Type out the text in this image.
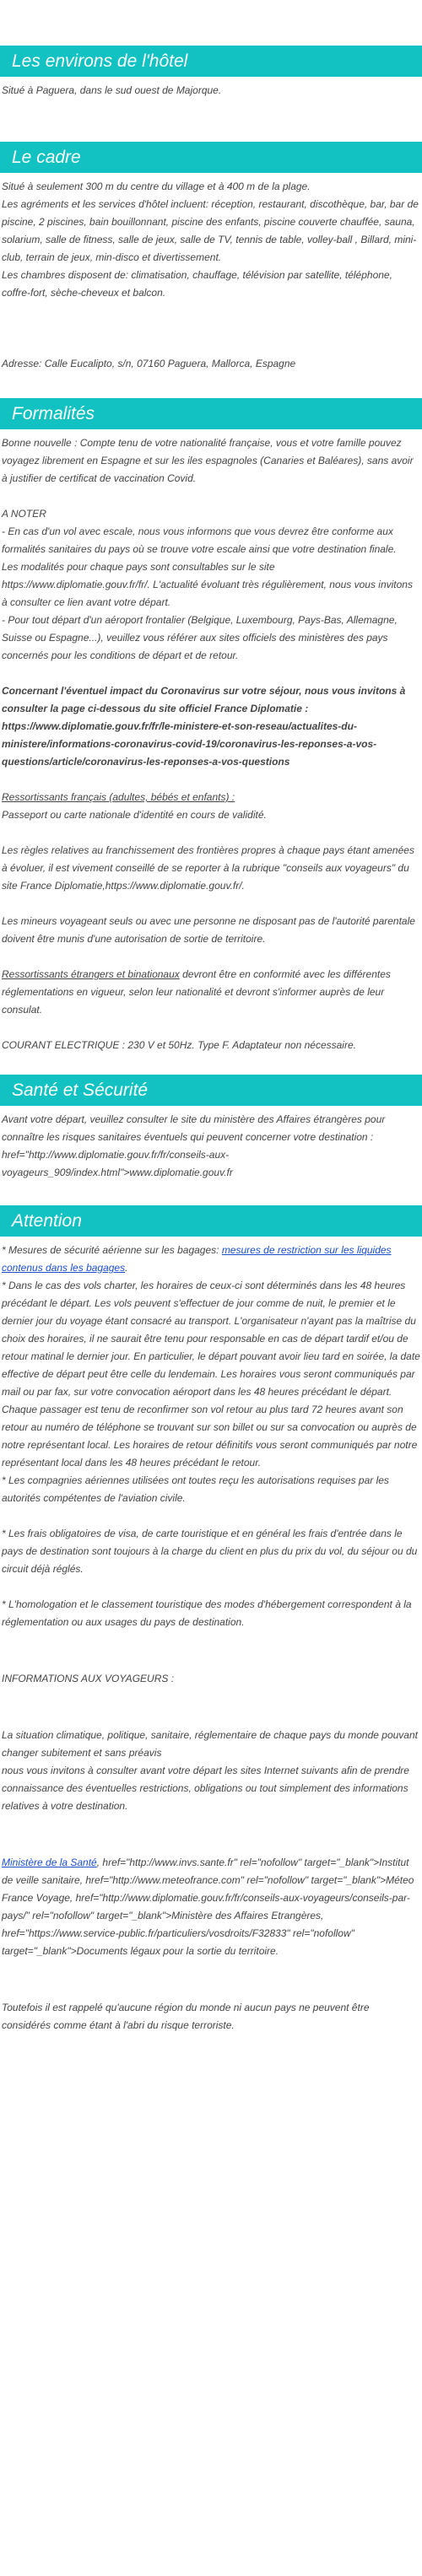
Les environs de l'hôtel

Situé à Paguera, dans le sud ouest de Majorque.

Le cadre

Situé à seulement 300 m du centre du village et à 400 m de la plage.

Les agréments et les services d'hôtel incluent: réception, restaurant, discothèque, bar, bar de piscine, 2 piscines, bain bouillonnant, piscine des enfants, piscine couverte chauffée, sauna, solarium, salle de fitness, salle de jeux, salle de TV, tennis de table, volley-ball , Billard, mini-club, terrain de jeux, min-disco et divertissement.

Les chambres disposent de: climatisation, chauffage, télévision par satellite, téléphone, coffre-fort, sèche-cheveux et balcon.

Adresse: Calle Eucalipto, s/n, 07160 Paguera, Mallorca, Espagne

Formalités

Bonne nouvelle : Compte tenu de votre nationalité française, vous et votre famille pouvez voyagez librement en Espagne et sur les iles espagnoles (Canaries et Baléares), sans avoir à justifier de certificat de vaccination Covid.

A NOTER

- En cas d'un vol avec escale, nous vous informons que vous devrez être conforme aux formalités sanitaires du pays où se trouve votre escale ainsi que votre destination finale.

Les modalités pour chaque pays sont consultables sur le site https://www.diplomatie.gouv.fr/fr/. L'actualité évoluant très régulièrement, nous vous invitons à consulter ce lien avant votre départ.

- Pour tout départ d'un aéroport frontalier (Belgique, Luxembourg, Pays-Bas, Allemagne, Suisse ou Espagne...), veuillez vous référer aux sites officiels des ministères des pays concernés pour les conditions de départ et de retour.

Concernant l'éventuel impact du Coronavirus sur votre séjour, nous vous invitons à consulter la page ci-dessous du site officiel France Diplomatie : https://www.diplomatie.gouv.fr/fr/le-ministere-et-son-reseau/actualites-du-ministere/informations-coronavirus-covid-19/coronavirus-les-reponses-a-vos-questions/article/coronavirus-les-reponses-a-vos-questions

Ressortissants français (adultes, bébés et enfants) :

Passeport ou carte nationale d'identité en cours de validité.

Les règles relatives au franchissement des frontières propres à chaque pays étant amenées à évoluer, il est vivement conseillé de se reporter à la rubrique "conseils aux voyageurs" du site France Diplomatie,https://www.diplomatie.gouv.fr/.

Les mineurs voyageant seuls ou avec une personne ne disposant pas de l'autorité parentale doivent être munis d'une autorisation de sortie de territoire.

Ressortissants étrangers et binationaux devront être en conformité avec les différentes réglementations en vigueur, selon leur nationalité et devront s'informer auprès de leur consulat.

COURANT ELECTRIQUE : 230 V et 50Hz. Type F. Adaptateur non nécessaire.

Santé et Sécurité

Avant votre départ, veuillez consulter le site du ministère des Affaires étrangères pour connaître les risques sanitaires éventuels qui peuvent concerner votre destination : href="http://www.diplomatie.gouv.fr/fr/conseils-aux-voyageurs_909/index.html">www.diplomatie.gouv.fr

Attention

* Mesures de sécurité aérienne sur les bagages: mesures de restriction sur les liquides contenus dans les bagages.

* Dans le cas des vols charter, les horaires de ceux-ci sont déterminés dans les 48 heures précédant le départ. Les vols peuvent s'effectuer de jour comme de nuit, le premier et le dernier jour du voyage étant consacré au transport. L'organisateur n'ayant pas la maîtrise du choix des horaires, il ne saurait être tenu pour responsable en cas de départ tardif et/ou de retour matinal le dernier jour. En particulier, le départ pouvant avoir lieu tard en soirée, la date effective de départ peut être celle du lendemain. Les horaires vous seront communiqués par mail ou par fax, sur votre convocation aéroport dans les 48 heures précédant le départ. Chaque passager est tenu de reconfirmer son vol retour au plus tard 72 heures avant son retour au numéro de téléphone se trouvant sur son billet ou sur sa convocation ou auprès de notre représentant local. Les horaires de retour définitifs vous seront communiqués par notre représentant local dans les 48 heures précédant le retour.

* Les compagnies aériennes utilisées ont toutes reçu les autorisations requises par les autorités compétentes de l'aviation civile.

* Les frais obligatoires de visa, de carte touristique et en général les frais d'entrée dans le pays de destination sont toujours à la charge du client en plus du prix du vol, du séjour ou du circuit déjà réglés.

* L'homologation et le classement touristique des modes d'hébergement correspondent à la réglementation ou aux usages du pays de destination.

INFORMATIONS AUX VOYAGEURS :

La situation climatique, politique, sanitaire, réglementaire de chaque pays du monde pouvant changer subitement et sans préavis

nous vous invitons à consulter avant votre départ les sites Internet suivants afin de prendre connaissance des éventuelles restrictions, obligations ou tout simplement des informations relatives à votre destination.

Ministère de la Santé, href="http://www.invs.sante.fr" rel="nofollow" target="_blank">Institut de veille sanitaire, href="http://www.meteofrance.com" rel="nofollow" target="_blank">Méteo France Voyage, href="http://www.diplomatie.gouv.fr/fr/conseils-aux-voyageurs/conseils-par-pays/" rel="nofollow" target="_blank">Ministère des Affaires Etrangères, href="https://www.service-public.fr/particuliers/vosdroits/F32833" rel="nofollow" target="_blank">Documents légaux pour la sortie du territoire.

Toutefois il est rappelé qu'aucune région du monde ni aucun pays ne peuvent être considérés comme étant à l'abri du risque terroriste.
